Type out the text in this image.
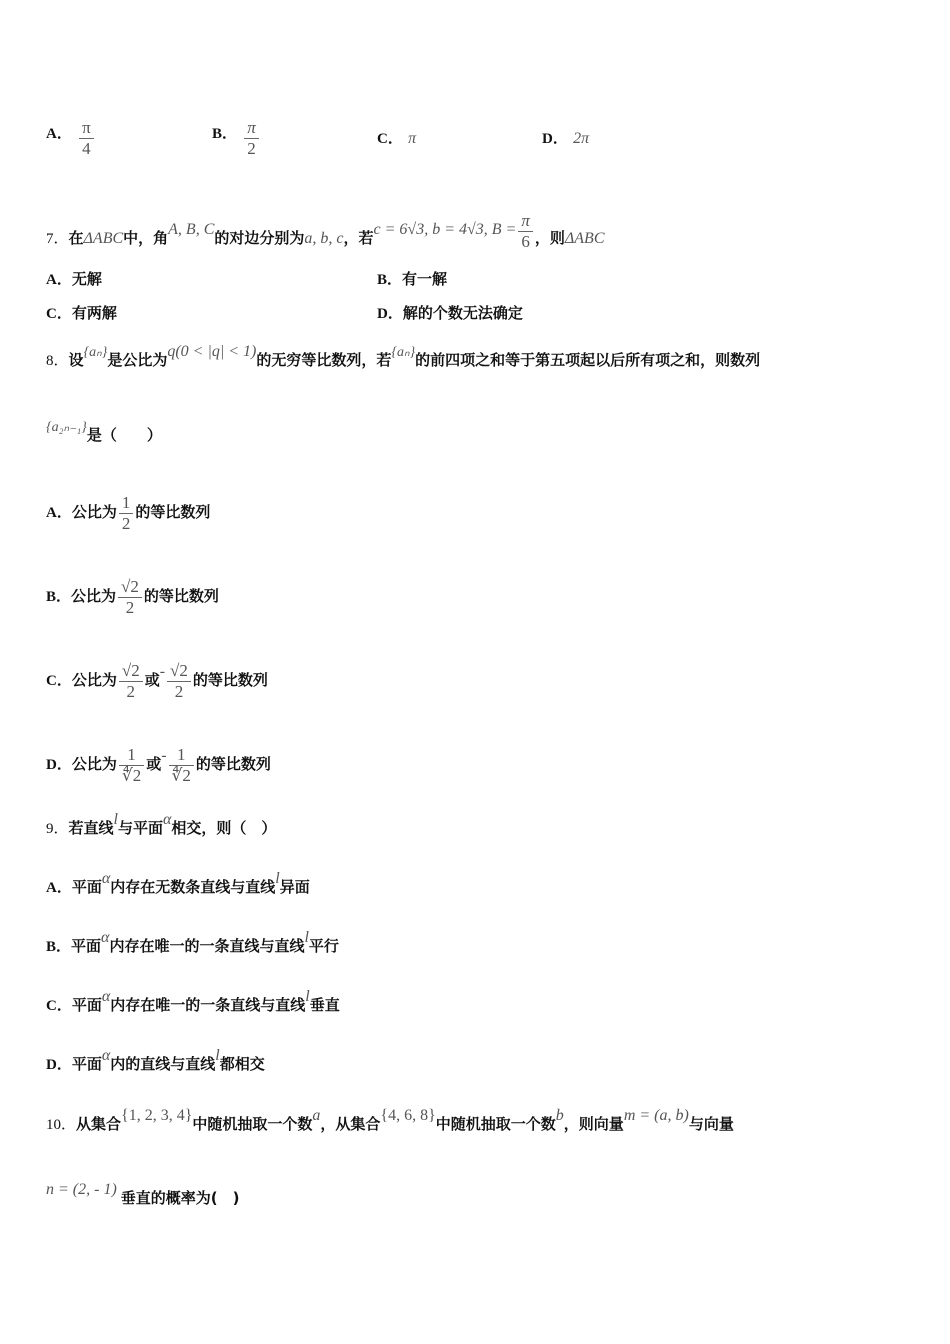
A． $\frac{\pi}{4}$	B． $\frac{\pi}{2}$	C． π	D． 2π
7．在ΔABC中，角A, B, C的对边分别为a, b, c，若c = 6√3, b = 4√3, $B = \frac{\pi}{6}$ ，则ΔABC
A．无解	B．有一解
C．有两解	D．解的个数无法确定
8．设{aₙ}是公比为q(0 < |q| < 1)的无穷等比数列，若{aₙ}的前四项之和等于第五项起以后所有项之和，则数列
{a₂ₙ₋₁}是（　　）
A．公比为 $\frac{1}{2}$ 的等比数列
B．公比为 $\frac{√2}{2}$ 的等比数列
C．公比为 $\frac{√2}{2}$ 或- $\frac{√2}{2}$ 的等比数列
D．公比为 $\frac{1}{∜2}$ 或- $\frac{1}{∜2}$ 的等比数列
9．若直线l与平面α相交，则（　）
A．平面α内存在无数条直线与直线l异面
B．平面α内存在唯一的一条直线与直线l平行
C．平面α内存在唯一的一条直线与直线l垂直
D．平面α内的直线与直线l都相交
10．从集合{1, 2, 3, 4}中随机抽取一个数a，从集合{4, 6, 8}中随机抽取一个数b，则向量m = (a, b)与向量
n = (2, - 1) 垂直的概率为(　)
